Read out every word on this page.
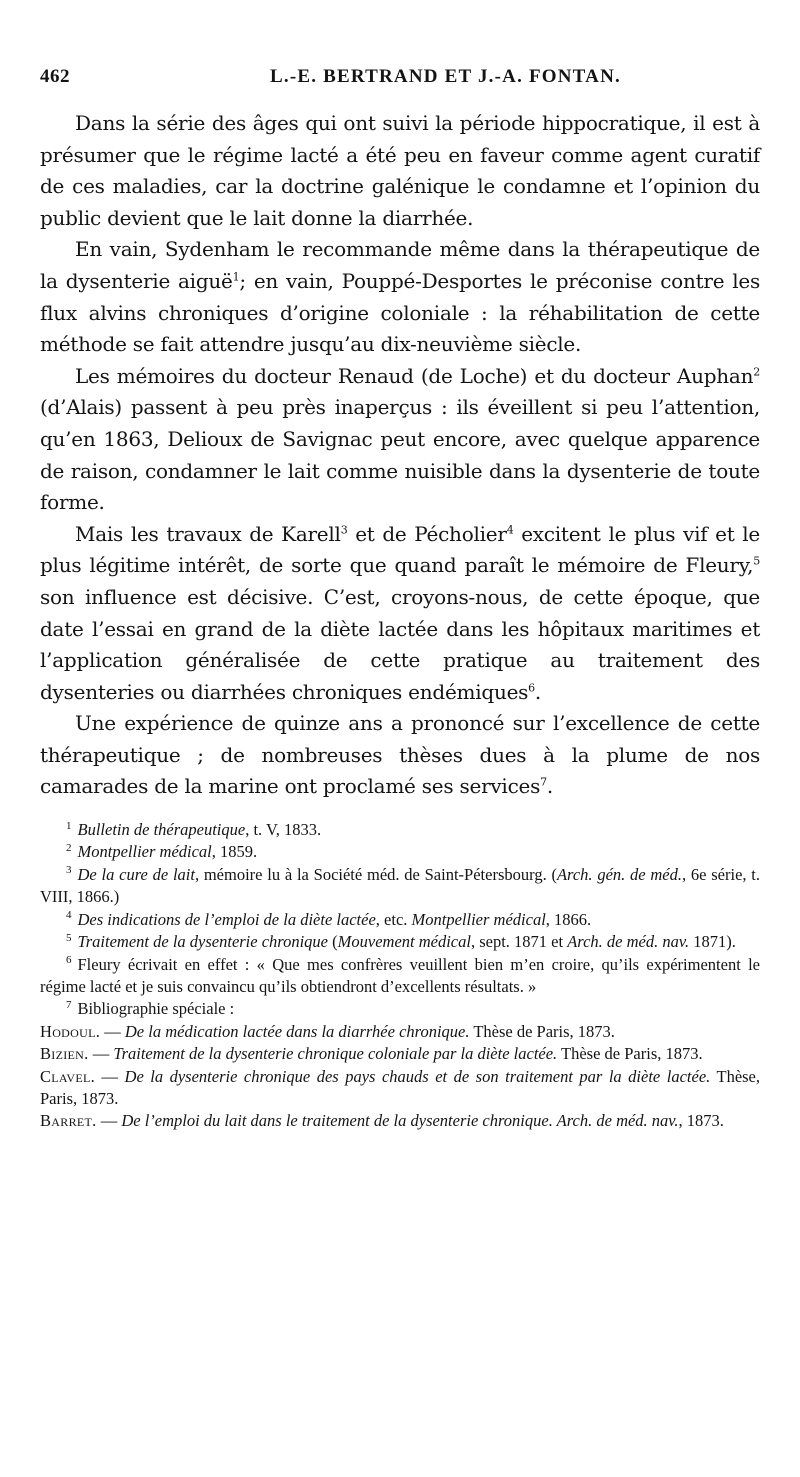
462	L.-E. BERTRAND ET J.-A. FONTAN.

Dans la série des âges qui ont suivi la période hippocratique, il est à présumer que le régime lacté a été peu en faveur comme agent curatif de ces maladies, car la doctrine galénique le condamne et l’opinion du public devient que le lait donne la diarrhée.

En vain, Sydenham le recommande même dans la thérapeutique de la dysenterie aiguë$^1$; en vain, Pouppé-Desportes le préconise contre les flux alvins chroniques d’origine coloniale : la réhabilitation de cette méthode se fait attendre jusqu’au dix-neuvième siècle.

Les mémoires du docteur Renaud (de Loche) et du docteur Auphan$^2$ (d’Alais) passent à peu près inaperçus : ils éveillent si peu l’attention, qu’en 1863, Delioux de Savignac peut encore, avec quelque apparence de raison, condamner le lait comme nuisible dans la dysenterie de toute forme.

Mais les travaux de Karell$^3$ et de Pécholier$^4$ excitent le plus vif et le plus légitime intérêt, de sorte que quand paraît le mémoire de Fleury,$^5$ son influence est décisive. C’est, croyons-nous, de cette époque, que date l’essai en grand de la diète lactée dans les hôpitaux maritimes et l’application généralisée de cette pratique au traitement des dysenteries ou diarrhées chroniques endémiques$^6$.

Une expérience de quinze ans a prononcé sur l’excellence de cette thérapeutique ; de nombreuses thèses dues à la plume de nos camarades de la marine ont proclamé ses services$^7$.

$^1$ Bulletin de thérapeutique, t. V, 1833.

$^2$ Montpellier médical, 1859.

$^3$ De la cure de lait, mémoire lu à la Société méd. de Saint-Pétersbourg. (Arch. gén. de méd., 6e série, t. VIII, 1866.)

$^4$ Des indications de l’emploi de la diète lactée, etc. Montpellier médical, 1866.

$^5$ Traitement de la dysenterie chronique (Mouvement médical, sept. 1871 et Arch. de méd. nav. 1871).

$^6$ Fleury écrivait en effet : « Que mes confrères veuillent bien m’en croire, qu’ils expérimentent le régime lacté et je suis convaincu qu’ils obtiendront d’excellents résultats. »

$^7$ Bibliographie spéciale :

Hodoul. — De la médication lactée dans la diarrhée chronique. Thèse de Paris, 1873.

Bizien. — Traitement de la dysenterie chronique coloniale par la diète lactée. Thèse de Paris, 1873.

Clavel. — De la dysenterie chronique des pays chauds et de son traitement par la diète lactée. Thèse, Paris, 1873.

Barret. — De l’emploi du lait dans le traitement de la dysenterie chronique. Arch. de méd. nav., 1873.
